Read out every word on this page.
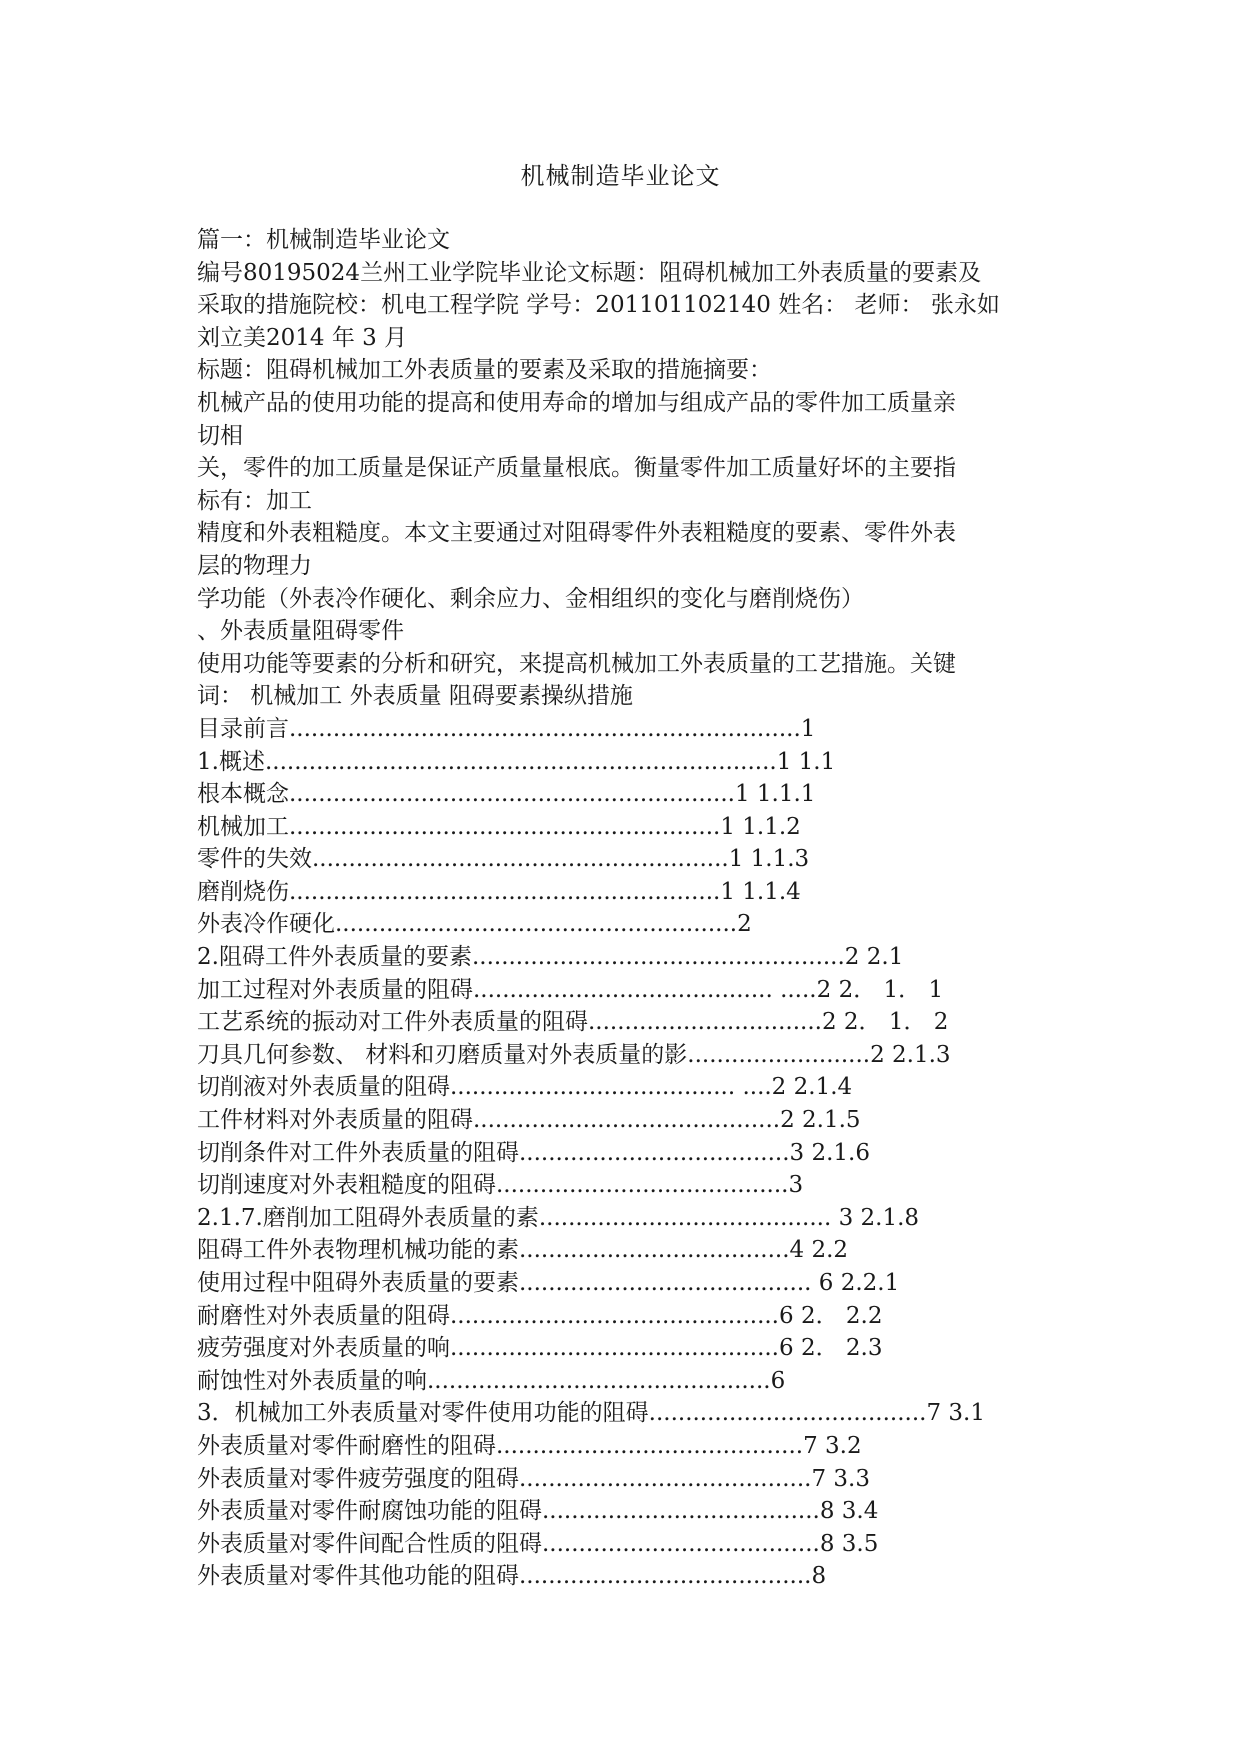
机械制造毕业论文
篇一：机械制造毕业论文
编号80195024兰州工业学院毕业论文标题：阻碍机械加工外表质量的要素及
采取的措施院校：机电工程学院 学号：201101102140 姓名： 老师： 张永如
刘立美2014 年 3 月
标题：阻碍机械加工外表质量的要素及采取的措施摘要：
机械产品的使用功能的提高和使用寿命的增加与组成产品的零件加工质量亲
切相
关，零件的加工质量是保证产质量量根底。衡量零件加工质量好坏的主要指
标有：加工
精度和外表粗糙度。本文主要通过对阻碍零件外表粗糙度的要素、零件外表
层的物理力
学功能（外表冷作硬化、剩余应力、金相组织的变化与磨削烧伤）
、外表质量阻碍零件
使用功能等要素的分析和研究，来提高机械加工外表质量的工艺措施。关键
词： 机械加工 外表质量 阻碍要素操纵措施
目录前言......................................................................1
1.概述......................................................................1 1.1
根本概念.............................................................1 1.1.1
机械加工...........................................................1 1.1.2
零件的失效.........................................................1 1.1.3
磨削烧伤...........................................................1 1.1.4
外表冷作硬化.......................................................2
2.阻碍工件外表质量的要素...................................................2 2.1
加工过程对外表质量的阻碍......................................... .....2 2． 1． 1
工艺系统的振动对工件外表质量的阻碍................................2 2． 1． 2
刀具几何参数、 材料和刃磨质量对外表质量的影.........................2 2.1.3
切削液对外表质量的阻碍....................................... ....2 2.1.4
工件材料对外表质量的阻碍..........................................2 2.1.5
切削条件对工件外表质量的阻碍.....................................3 2.1.6
切削速度对外表粗糙度的阻碍........................................3
2.1.7.磨削加工阻碍外表质量的素........................................ 3 2.1.8
阻碍工件外表物理机械功能的素.....................................4 2.2
使用过程中阻碍外表质量的要素........................................ 6 2.2.1
耐磨性对外表质量的阻碍.............................................6 2． 2.2
疲劳强度对外表质量的响.............................................6 2． 2.3
耐蚀性对外表质量的响...............................................6
3．机械加工外表质量对零件使用功能的阻碍......................................7 3.1
外表质量对零件耐磨性的阻碍..........................................7 3.2
外表质量对零件疲劳强度的阻碍........................................7 3.3
外表质量对零件耐腐蚀功能的阻碍......................................8 3.4
外表质量对零件间配合性质的阻碍......................................8 3.5
外表质量对零件其他功能的阻碍........................................8
